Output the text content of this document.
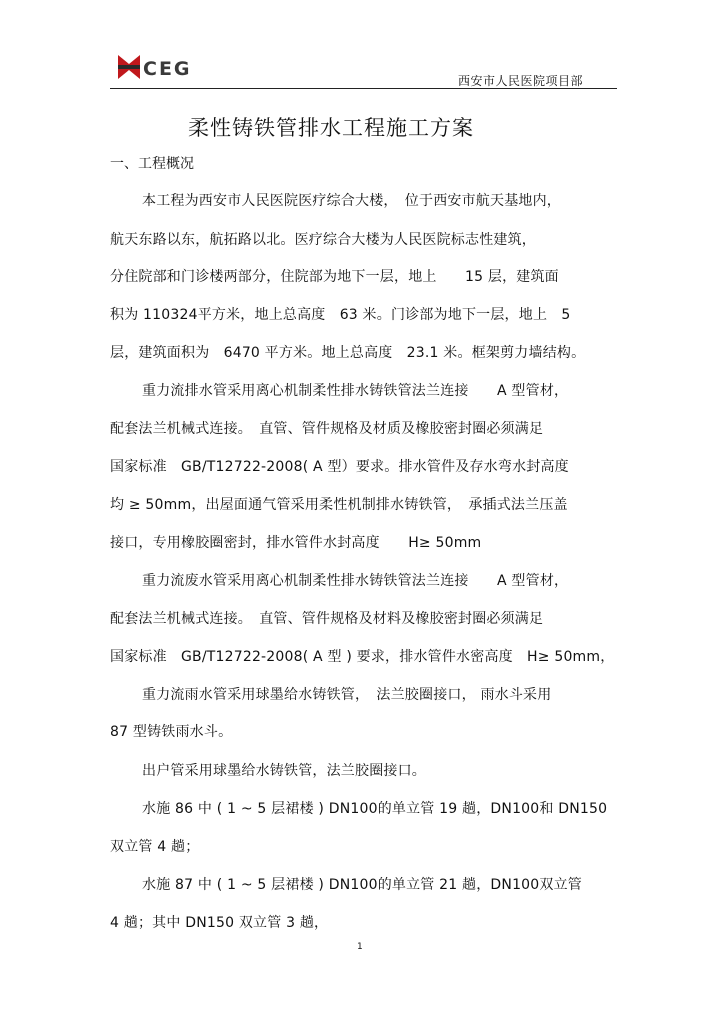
CEG
西安市人民医院项目部
柔性铸铁管排水工程施工方案
一、工程概况
本工程为西安市人民医院医疗综合大楼，　位于西安市航天基地内，
航天东路以东，航拓路以北。医疗综合大楼为人民医院标志性建筑，
分住院部和门诊楼两部分，住院部为地下一层，地上　　15 层，建筑面
积为 110324平方米，地上总高度　63 米。门诊部为地下一层，地上　5
层，建筑面积为　6470 平方米。地上总高度　23.1 米。框架剪力墙结构。
重力流排水管采用离心机制柔性排水铸铁管法兰连接　　A 型管材，
配套法兰机械式连接。　直管、管件规格及材质及橡胶密封圈必须满足
国家标准　GB/T12722-2008( A 型）要求。排水管件及存水弯水封高度
均 ≥ 50mm，出屋面通气管采用柔性机制排水铸铁管，　承插式法兰压盖
接口，专用橡胶圈密封，排水管件水封高度　　H≥ 50mm
重力流废水管采用离心机制柔性排水铸铁管法兰连接　　A 型管材，
配套法兰机械式连接。　直管、管件规格及材料及橡胶密封圈必须满足
国家标准　GB/T12722-2008( A 型 ) 要求，排水管件水密高度　H≥ 50mm，
重力流雨水管采用球墨给水铸铁管，　法兰胶圈接口， 雨水斗采用
87 型铸铁雨水斗。
出户管采用球墨给水铸铁管，法兰胶圈接口。
水施 86 中 ( 1 ~ 5 层裙楼 ) DN100的单立管 19 趟，DN100和 DN150
双立管 4 趟；
水施 87 中 ( 1 ~ 5 层裙楼 ) DN100的单立管 21 趟，DN100双立管
4 趟；其中 DN150 双立管 3 趟，
1
